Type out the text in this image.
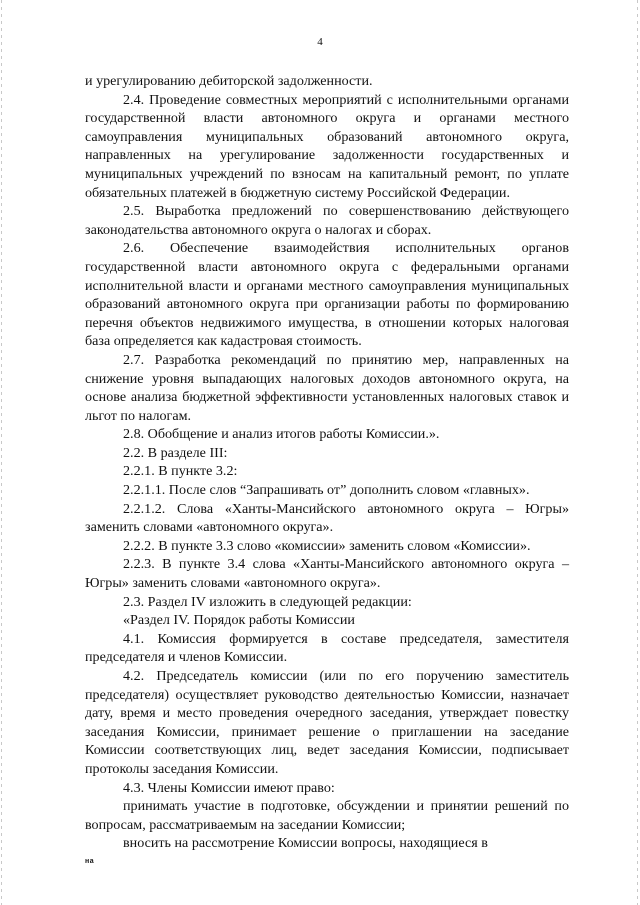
4

и урегулированию дебиторской задолженности.

2.4. Проведение совместных мероприятий с исполнительными органами государственной власти автономного округа и органами местного самоуправления муниципальных образований автономного округа, направленных на урегулирование задолженности государственных и муниципальных учреждений по взносам на капитальный ремонт, по уплате обязательных платежей в бюджетную систему Российской Федерации.

2.5. Выработка предложений по совершенствованию действующего законодательства автономного округа о налогах и сборах.

2.6. Обеспечение взаимодействия исполнительных органов государственной власти автономного округа с федеральными органами исполнительной власти и органами местного самоуправления муниципальных образований автономного округа при организации работы по формированию перечня объектов недвижимого имущества, в отношении которых налоговая база определяется как кадастровая стоимость.

2.7. Разработка рекомендаций по принятию мер, направленных на снижение уровня выпадающих налоговых доходов автономного округа, на основе анализа бюджетной эффективности установленных налоговых ставок и льгот по налогам.

2.8. Обобщение и анализ итогов работы Комиссии.».

2.2. В разделе III:

2.2.1. В пункте 3.2:

2.2.1.1. После слов “Запрашивать от” дополнить словом «главных».

2.2.1.2. Слова «Ханты-Мансийского автономного округа – Югры» заменить словами «автономного округа».

2.2.2. В пункте 3.3 слово «комиссии» заменить словом «Комиссии».

2.2.3. В пункте 3.4 слова «Ханты-Мансийского автономного округа – Югры» заменить словами «автономного округа».

2.3. Раздел IV изложить в следующей редакции:

«Раздел IV. Порядок работы Комиссии

4.1. Комиссия формируется в составе председателя, заместителя председателя и членов Комиссии.

4.2. Председатель комиссии (или по его поручению заместитель председателя) осуществляет руководство деятельностью Комиссии, назначает дату, время и место проведения очередного заседания, утверждает повестку заседания Комиссии, принимает решение о приглашении на заседание Комиссии соответствующих лиц, ведет заседания Комиссии, подписывает протоколы заседания Комиссии.

4.3. Члены Комиссии имеют право:

принимать участие в подготовке, обсуждении и принятии решений по вопросам, рассматриваемым на заседании Комиссии;

вносить на рассмотрение Комиссии вопросы, находящиеся в

на
